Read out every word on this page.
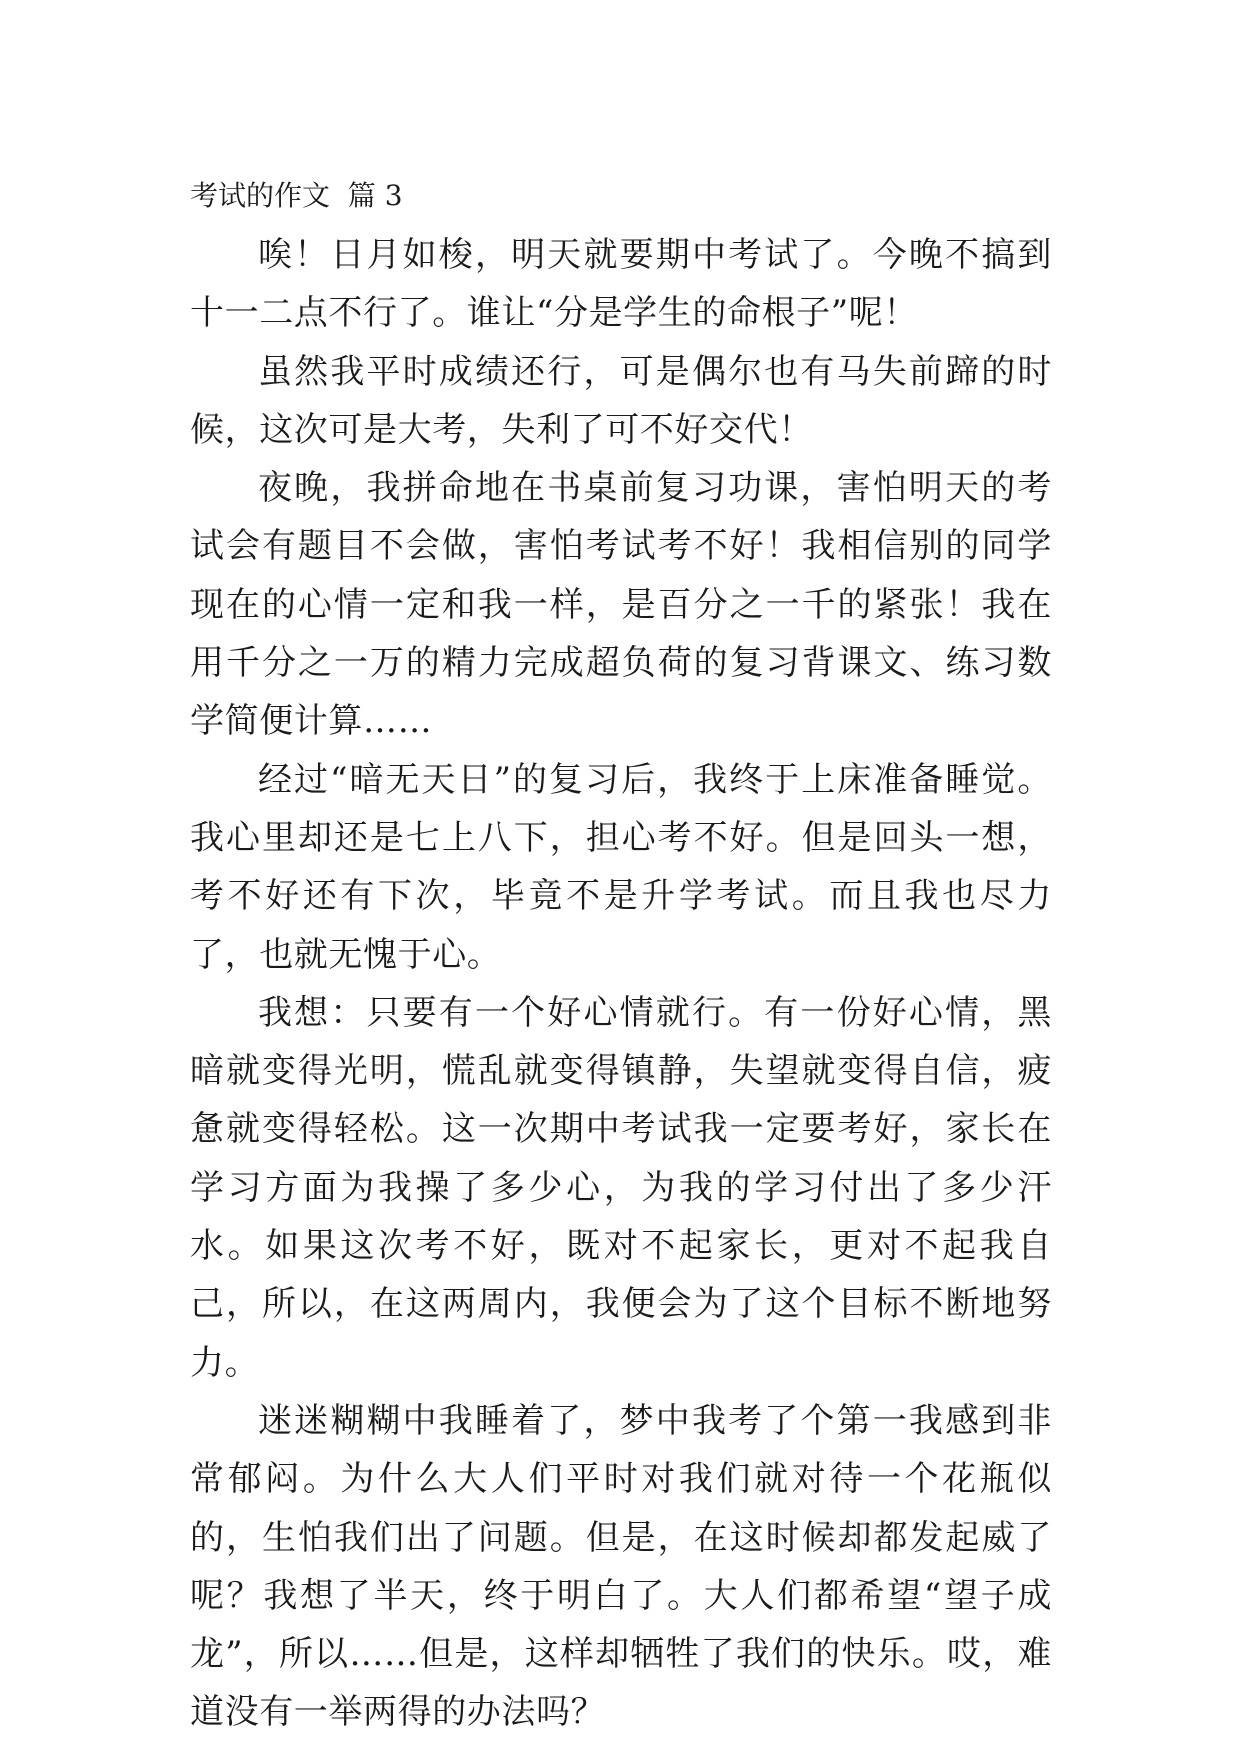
考试的作文  篇 3

唉！日月如梭，明天就要期中考试了。今晚不搞到十一二点不行了。谁让“分是学生的命根子”呢！

虽然我平时成绩还行，可是偶尔也有马失前蹄的时候，这次可是大考，失利了可不好交代！

夜晚，我拼命地在书桌前复习功课，害怕明天的考试会有题目不会做，害怕考试考不好！我相信别的同学现在的心情一定和我一样，是百分之一千的紧张！我在用千分之一万的精力完成超负荷的复习背课文、练习数学简便计算……

经过“暗无天日”的复习后，我终于上床准备睡觉。我心里却还是七上八下，担心考不好。但是回头一想，考不好还有下次，毕竟不是升学考试。而且我也尽力了，也就无愧于心。

我想：只要有一个好心情就行。有一份好心情，黑暗就变得光明，慌乱就变得镇静，失望就变得自信，疲惫就变得轻松。这一次期中考试我一定要考好，家长在学习方面为我操了多少心，为我的学习付出了多少汗水。如果这次考不好，既对不起家长，更对不起我自己，所以，在这两周内，我便会为了这个目标不断地努力。

迷迷糊糊中我睡着了，梦中我考了个第一我感到非常郁闷。为什么大人们平时对我们就对待一个花瓶似的，生怕我们出了问题。但是，在这时候却都发起威了呢？我想了半天，终于明白了。大人们都希望“望子成龙”，所以……但是，这样却牺牲了我们的快乐。哎，难道没有一举两得的办法吗？
